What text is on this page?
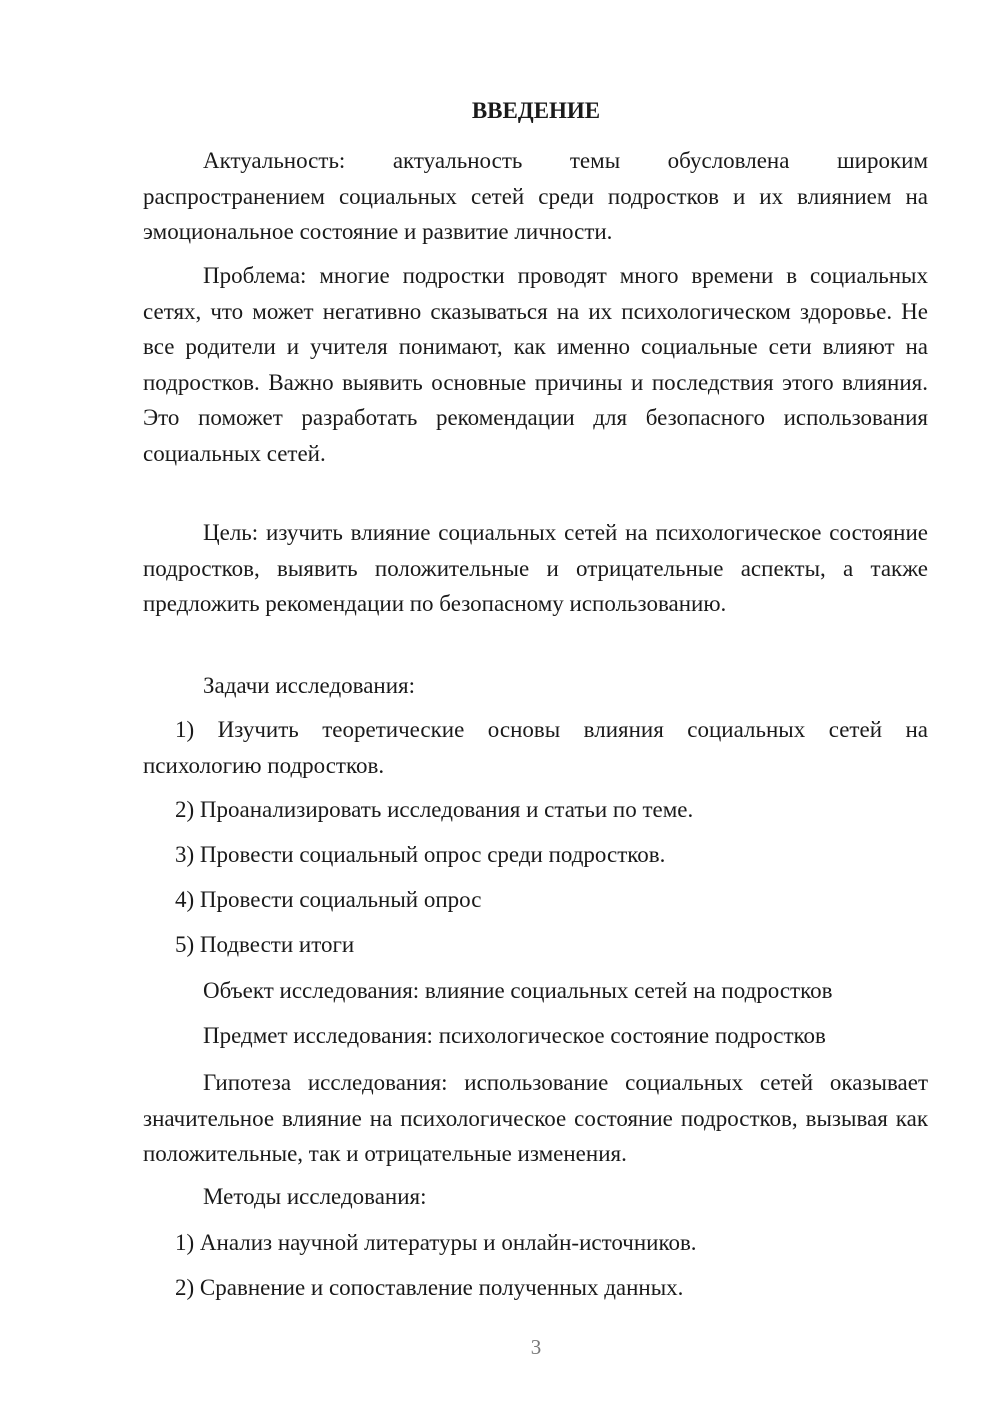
ВВЕДЕНИЕ

Актуальность: актуальность темы обусловлена широким распространением социальных сетей среди подростков и их влиянием на эмоциональное состояние и развитие личности.

Проблема: многие подростки проводят много времени в социальных сетях, что может негативно сказываться на их психологическом здоровье. Не все родители и учителя понимают, как именно социальные сети влияют на подростков. Важно выявить основные причины и последствия этого влияния. Это поможет разработать рекомендации для безопасного использования социальных сетей.

Цель: изучить влияние социальных сетей на психологическое состояние подростков, выявить положительные и отрицательные аспекты, а также предложить рекомендации по безопасному использованию.

Задачи исследования:

1) Изучить теоретические основы влияния социальных сетей на психологию подростков.

2) Проанализировать исследования и статьи по теме.
3) Провести социальный опрос среди подростков.
4) Провести социальный опрос
5) Подвести итоги
Объект исследования: влияние социальных сетей на подростков
Предмет исследования: психологическое состояние подростков

Гипотеза исследования: использование социальных сетей оказывает значительное влияние на психологическое состояние подростков, вызывая как положительные, так и отрицательные изменения.

Методы исследования:
1) Анализ научной литературы и онлайн-источников.
2) Сравнение и сопоставление полученных данных.
3
